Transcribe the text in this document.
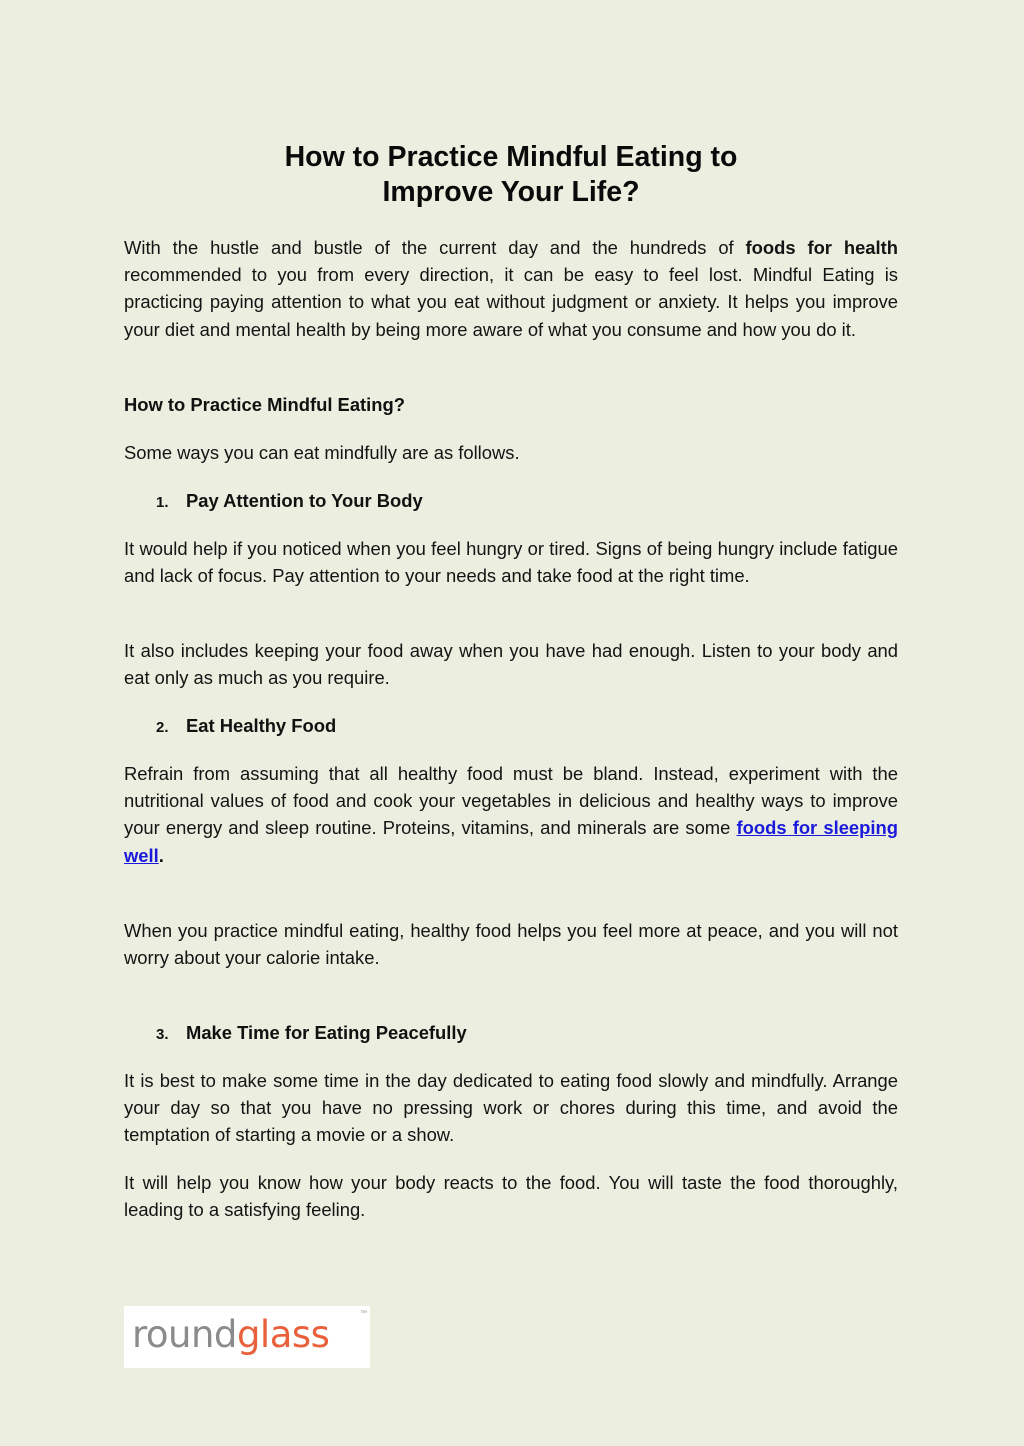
How to Practice Mindful Eating to
Improve Your Life?

With the hustle and bustle of the current day and the hundreds of foods for health recommended to you from every direction, it can be easy to feel lost. Mindful Eating is practicing paying attention to what you eat without judgment or anxiety. It helps you improve your diet and mental health by being more aware of what you consume and how you do it.

How to Practice Mindful Eating?

Some ways you can eat mindfully are as follows.

1. Pay Attention to Your Body

It would help if you noticed when you feel hungry or tired. Signs of being hungry include fatigue and lack of focus. Pay attention to your needs and take food at the right time.

It also includes keeping your food away when you have had enough. Listen to your body and eat only as much as you require.

2. Eat Healthy Food

Refrain from assuming that all healthy food must be bland. Instead, experiment with the nutritional values of food and cook your vegetables in delicious and healthy ways to improve your energy and sleep routine. Proteins, vitamins, and minerals are some foods for sleeping well.

When you practice mindful eating, healthy food helps you feel more at peace, and you will not worry about your calorie intake.

3. Make Time for Eating Peacefully

It is best to make some time in the day dedicated to eating food slowly and mindfully. Arrange your day so that you have no pressing work or chores during this time, and avoid the temptation of starting a movie or a show.

It will help you know how your body reacts to the food. You will taste the food thoroughly, leading to a satisfying feeling.

roundglass	™
